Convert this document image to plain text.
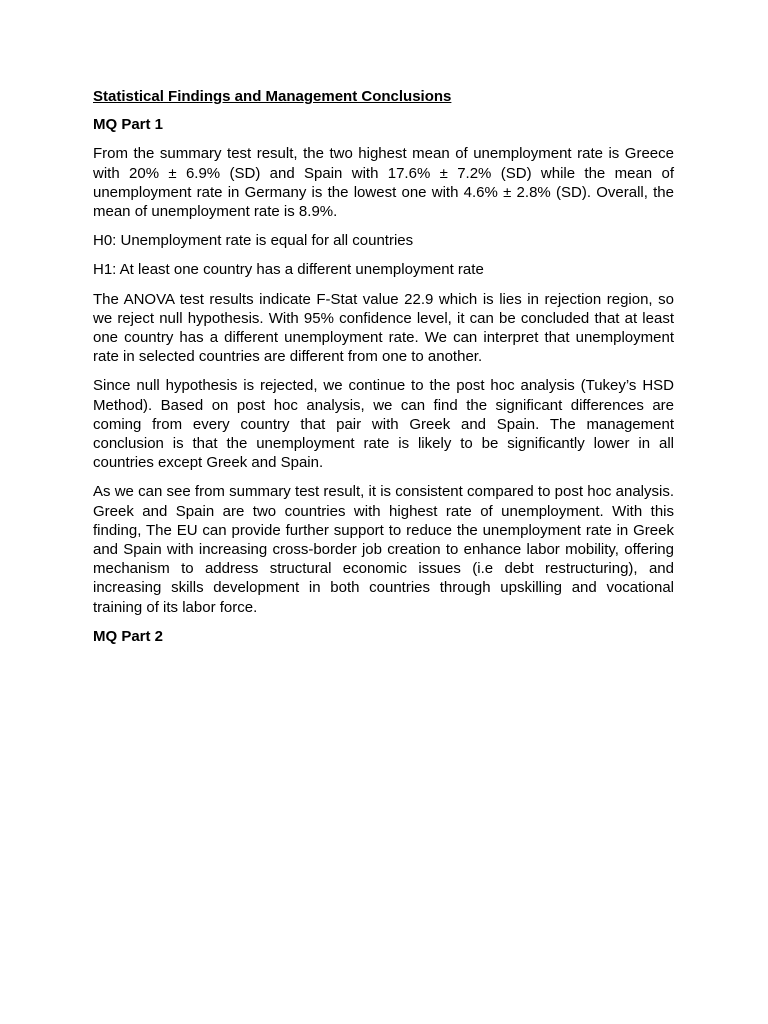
Statistical Findings and Management Conclusions
MQ Part 1

From the summary test result, the two highest mean of unemployment rate is Greece with 20% ± 6.9% (SD) and Spain with 17.6% ± 7.2% (SD) while the mean of unemployment rate in Germany is the lowest one with 4.6% ± 2.8% (SD). Overall, the mean of unemployment rate is 8.9%.

H0: Unemployment rate is equal for all countries

H1: At least one country has a different unemployment rate

The ANOVA test results indicate F-Stat value 22.9 which is lies in rejection region, so we reject null hypothesis. With 95% confidence level, it can be concluded that at least one country has a different unemployment rate. We can interpret that unemployment rate in selected countries are different from one to another.

Since null hypothesis is rejected, we continue to the post hoc analysis (Tukey’s HSD Method). Based on post hoc analysis, we can find the significant differences are coming from every country that pair with Greek and Spain. The management conclusion is that the unemployment rate is likely to be significantly lower in all countries except Greek and Spain.

As we can see from summary test result, it is consistent compared to post hoc analysis. Greek and Spain are two countries with highest rate of unemployment. With this finding, The EU can provide further support to reduce the unemployment rate in Greek and Spain with increasing cross-border job creation to enhance labor mobility, offering mechanism to address structural economic issues (i.e debt restructuring), and increasing skills development in both countries through upskilling and vocational training of its labor force.

MQ Part 2
